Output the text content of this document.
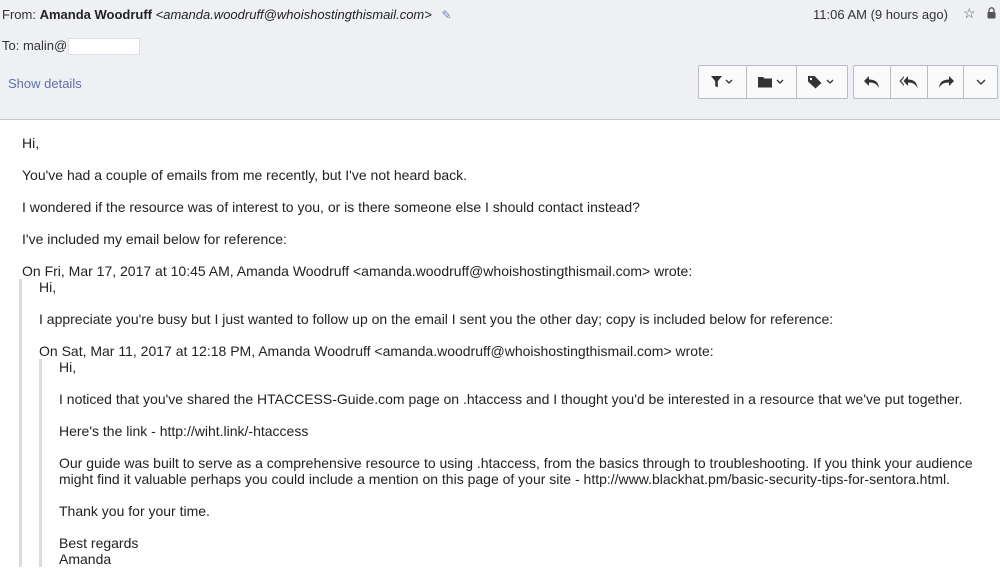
From: Amanda Woodruff <amanda.woodruff@whoishostingthismail.com> ✎
To: malin@
11:06 AM (9 hours ago) ☆
Show details

Hi,

You've had a couple of emails from me recently, but I've not heard back.

I wondered if the resource was of interest to you, or is there someone else I should contact instead?

I've included my email below for reference:

On Fri, Mar 17, 2017 at 10:45 AM, Amanda Woodruff <amanda.woodruff@whoishostingthismail.com> wrote:

Hi,

I appreciate you're busy but I just wanted to follow up on the email I sent you the other day; copy is included below for reference:

On Sat, Mar 11, 2017 at 12:18 PM, Amanda Woodruff <amanda.woodruff@whoishostingthismail.com> wrote:

Hi,

I noticed that you've shared the HTACCESS-Guide.com page on .htaccess and I thought you'd be interested in a resource that we've put together.

Here's the link - http://wiht.link/-htaccess

Our guide was built to serve as a comprehensive resource to using .htaccess, from the basics through to troubleshooting. If you think your audience might find it valuable perhaps you could include a mention on this page of your site - http://www.blackhat.pm/basic-security-tips-for-sentora.html.

Thank you for your time.

Best regards

Amanda
